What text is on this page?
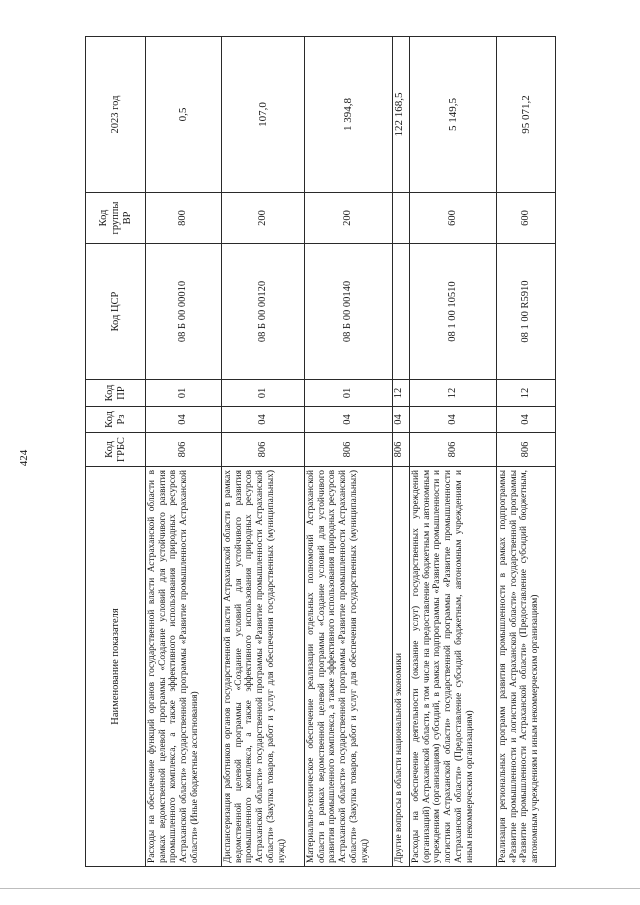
424
Наименование показателя	Код ГРБС	Код Рз	Код ПР	Код ЦСР	Код группы ВР	2023 год
Расходы на обеспечение функций органов государственной власти Астраханской области в рамках ведомственной целевой программы «Создание условий для устойчивого развития промышленного комплекса, а также эффективного использования природных ресурсов Астраханской области» государственной программы «Развитие промышленности Астраханской области» (Иные бюджетные ассигнования)	806	04	01	08 Б 00 00010	800	0,5
Диспансеризация работников органов государственной власти Астраханской области в рамках ведомственной целевой программы «Создание условий для устойчивого развития промышленного комплекса, а также эффективного использования природных ресурсов Астраханской области» государственной программы «Развитие промышленности Астраханской области» (Закупка товаров, работ и услуг для обеспечения государственных (муниципальных) нужд)	806	04	01	08 Б 00 00120	200	107,0
Материально-техническое обеспечение реализации отдельных полномочий Астраханской области в рамках ведомственной целевой программы «Создание условий для устойчивого развития промышленного комплекса, а также эффективного использования природных ресурсов Астраханской области» государственной программы «Развитие промышленности Астраханской области» (Закупка товаров, работ и услуг для обеспечения государственных (муниципальных) нужд)	806	04	01	08 Б 00 00140	200	1 394,8
Другие вопросы в области национальной экономики	806	04	12			122 168,5
Расходы на обеспечение деятельности (оказание услуг) государственных учреждений (организаций) Астраханской области, в том числе на предоставление бюджетным и автономным учреждениям (организациям) субсидий, в рамках подпрограммы «Развитие промышленности и логистики Астраханской области» государственной программы «Развитие промышленности Астраханской области» (Предоставление субсидий бюджетным, автономным учреждениям и иным некоммерческим организациям)	806	04	12	08 1 00 10510	600	5 149,5
Реализация региональных программ развития промышленности в рамках подпрограммы «Развитие промышленности и логистики Астраханской области» государственной программы «Развитие промышленности Астраханской области» (Предоставление субсидий бюджетным, автономным учреждениям и иным некоммерческим организациям)	806	04	12	08 1 00 R5910	600	95 071,2
